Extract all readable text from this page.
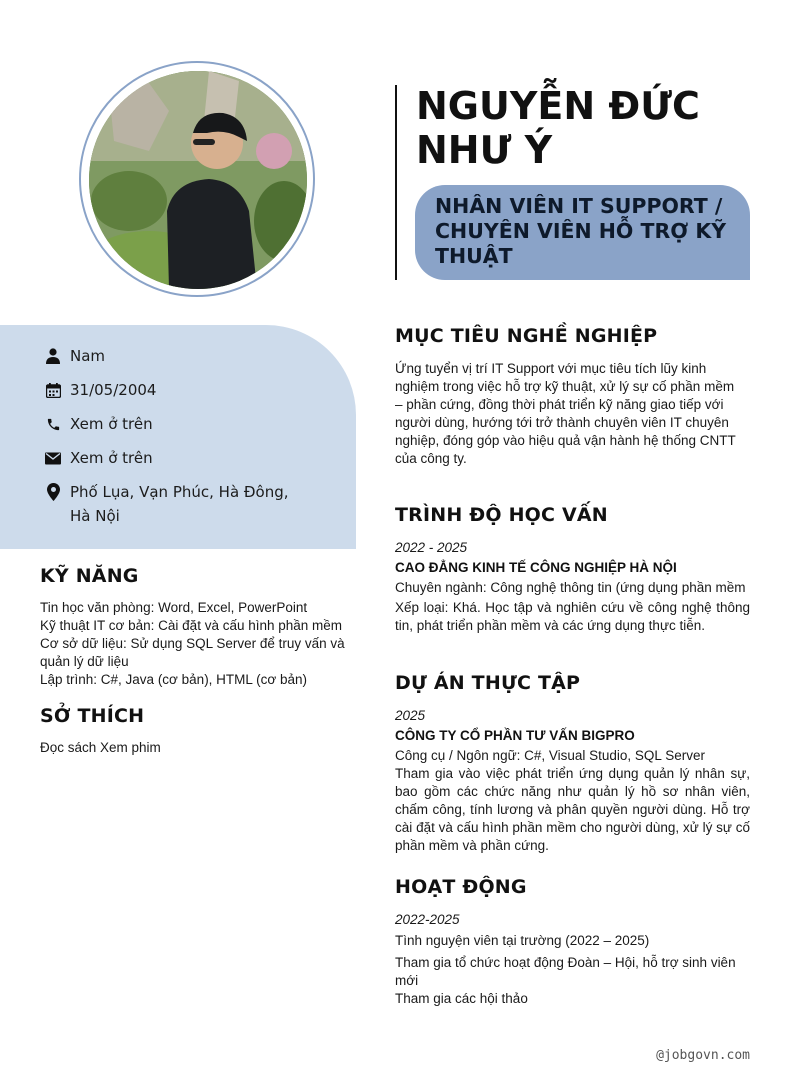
Nam
31/05/2004
Xem ở trên
Xem ở trên
Phố Lụa, Vạn Phúc, Hà Đông, Hà Nội
KỸ NĂNG
Tin học văn phòng: Word, Excel, PowerPoint
Kỹ thuật IT cơ bản: Cài đặt và cấu hình phần mềm
Cơ sở dữ liệu: Sử dụng SQL Server để truy vấn và quản lý dữ liệu
Lập trình: C#, Java (cơ bản), HTML (cơ bản)
SỞ THÍCH
Đọc sách Xem phim
NGUYỄN ĐỨC NHƯ Ý
NHÂN VIÊN IT SUPPORT / CHUYÊN VIÊN HỖ TRỢ KỸ THUẬT
MỤC TIÊU NGHỀ NGHIỆP
Ứng tuyển vị trí IT Support với mục tiêu tích lũy kinh nghiệm trong việc hỗ trợ kỹ thuật, xử lý sự cố phần mềm – phần cứng, đồng thời phát triển kỹ năng giao tiếp với người dùng, hướng tới trở thành chuyên viên IT chuyên nghiệp, đóng góp vào hiệu quả vận hành hệ thống CNTT của công ty.
TRÌNH ĐỘ HỌC VẤN
2022 - 2025
CAO ĐẲNG KINH TẾ CÔNG NGHIỆP HÀ NỘI
Chuyên ngành: Công nghệ thông tin (ứng dụng phần mềm
Xếp loại: Khá. Học tập và nghiên cứu về công nghệ thông tin, phát triển phần mềm và các ứng dụng thực tiễn.
DỰ ÁN THỰC TẬP
2025
CÔNG TY CỔ PHẦN TƯ VẤN BIGPRO
Công cụ / Ngôn ngữ: C#, Visual Studio, SQL Server
Tham gia vào việc phát triển ứng dụng quản lý nhân sự, bao gồm các chức năng như quản lý hồ sơ nhân viên, chấm công, tính lương và phân quyền người dùng. Hỗ trợ cài đặt và cấu hình phần mềm cho người dùng, xử lý sự cố phần mềm và phần cứng.
HOẠT ĐỘNG
2022-2025
Tình nguyện viên tại trường (2022 – 2025)
Tham gia tổ chức hoạt động Đoàn – Hội, hỗ trợ sinh viên mới
Tham gia các hội thảo
@jobgovn.com
